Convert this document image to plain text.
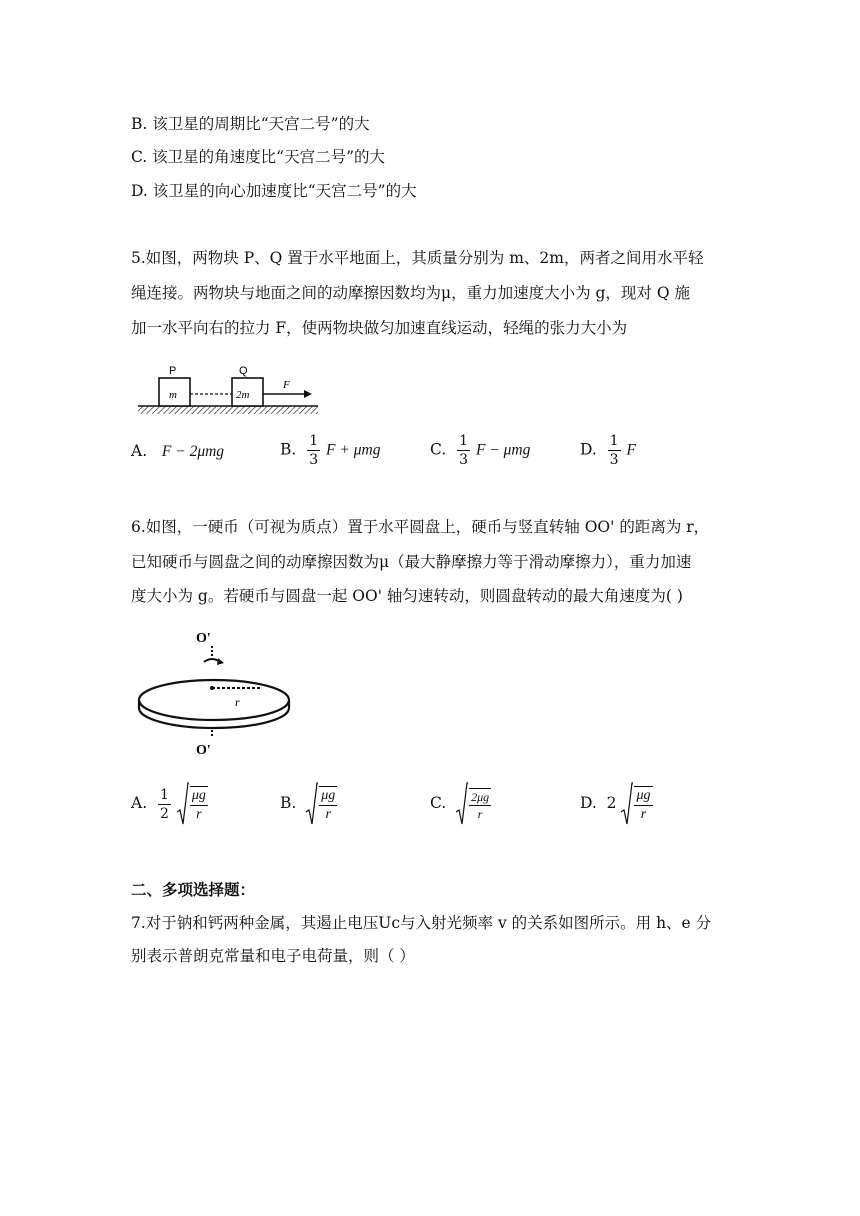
B. 该卫星的周期比“天宫二号”的大
C. 该卫星的角速度比“天宫二号”的大
D. 该卫星的向心加速度比“天宫二号”的大
5.如图，两物块 P、Q 置于水平地面上，其质量分别为 m、2m，两者之间用水平轻
绳连接。两物块与地面之间的动摩擦因数均为μ，重力加速度大小为 g，现对 Q 施
加一水平向右的拉力 F，使两物块做匀加速直线运动，轻绳的张力大小为
P	Q
m	2m
F
A. F − 2μmg	B. $\frac{1}{3}$ F + μmg	C. $\frac{1}{3}$ F − μmg	D. $\frac{1}{3}$ F
6.如图，一硬币（可视为质点）置于水平圆盘上，硬币与竖直转轴 OO' 的距离为 r，
已知硬币与圆盘之间的动摩擦因数为μ（最大静摩擦力等于滑动摩擦力），重力加速
度大小为 g。若硬币与圆盘一起 OO' 轴匀速转动，则圆盘转动的最大角速度为( )
O'
r
O'
A. $\frac{1}{2}$
$\frac{\mu g}{r}$	B. $\frac{\mu g}{r}$	C. $\frac{2\mu g}{r}$	D. $2 \frac{\mu g}{r}$
二、多项选择题：
7.对于钠和钙两种金属，其遏止电压Uc与入射光频率 v 的关系如图所示。用 h、e 分
别表示普朗克常量和电子电荷量，则（ ）
